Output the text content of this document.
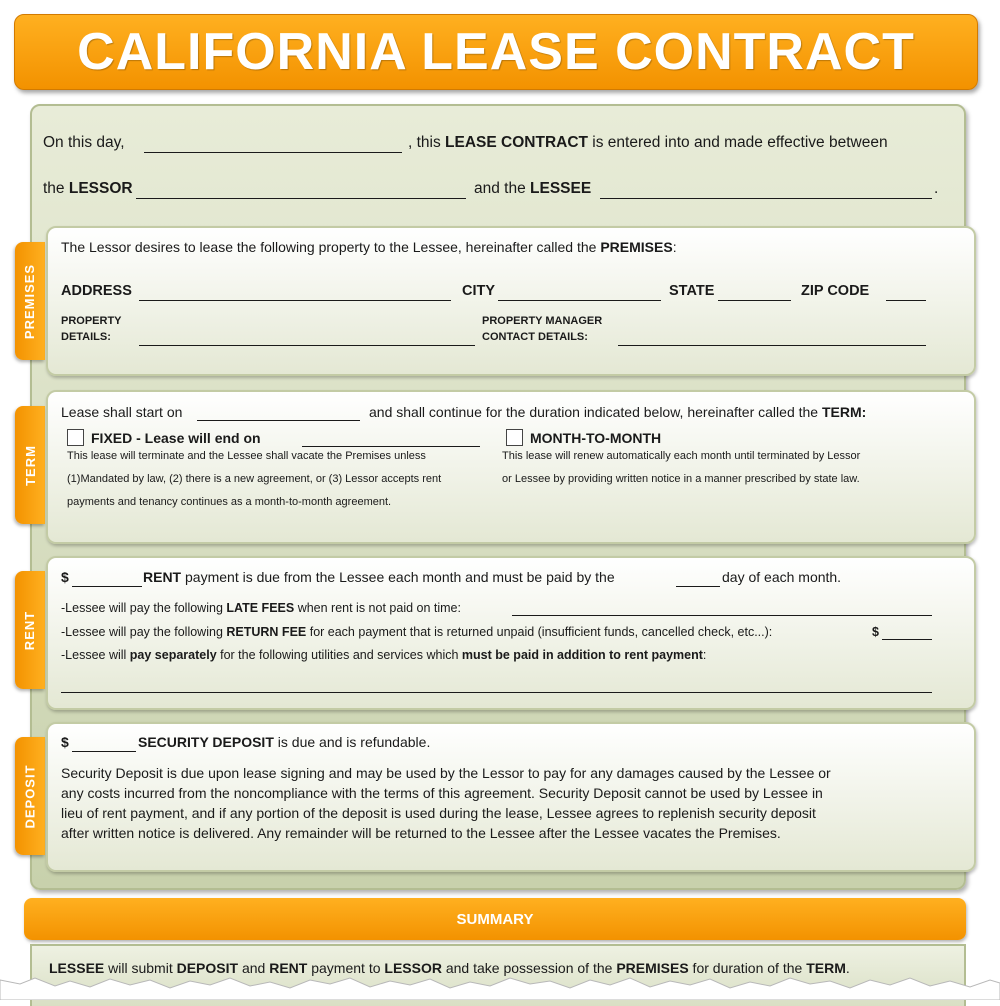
CALIFORNIA LEASE CONTRACT
On this day,	, this LEASE CONTRACT is entered into and made effective between
the LESSOR	and the LESSEE	.
PREMISES
The Lessor desires to lease the following property to the Lessee, hereinafter called the PREMISES:
ADDRESS	CITY	STATE	ZIP CODE
PROPERTY
DETAILS:
PROPERTY MANAGER
CONTACT DETAILS:
TERM
Lease shall start on	and shall continue for the duration indicated below, hereinafter called the TERM:
FIXED - Lease will end on
This lease will terminate and the Lessee shall vacate the Premises unless
(1)Mandated by law, (2) there is a new agreement, or (3) Lessor accepts rent
payments and tenancy continues as a month-to-month agreement.
MONTH-TO-MONTH
This lease will renew automatically each month until terminated by Lessor
or Lessee by providing written notice in a manner prescribed by state law.
RENT
$	RENT payment is due from the Lessee each month and must be paid by the	day of each month.
-Lessee will pay the following LATE FEES when rent is not paid on time:
-Lessee will pay the following RETURN FEE for each payment that is returned unpaid (insufficient funds, cancelled check, etc...):	$
-Lessee will pay separately for the following utilities and services which must be paid in addition to rent payment:
DEPOSIT
$	SECURITY DEPOSIT is due and is refundable.
Security Deposit is due upon lease signing and may be used by the Lessor to pay for any damages caused by the Lessee or
any costs incurred from the noncompliance with the terms of this agreement. Security Deposit cannot be used by Lessee in
lieu of rent payment, and if any portion of the deposit is used during the lease, Lessee agrees to replenish security deposit
after written notice is delivered. Any remainder will be returned to the Lessee after the Lessee vacates the Premises.
SUMMARY
LESSEE will submit DEPOSIT and RENT payment to LESSOR and take possession of the PREMISES for duration of the TERM.
